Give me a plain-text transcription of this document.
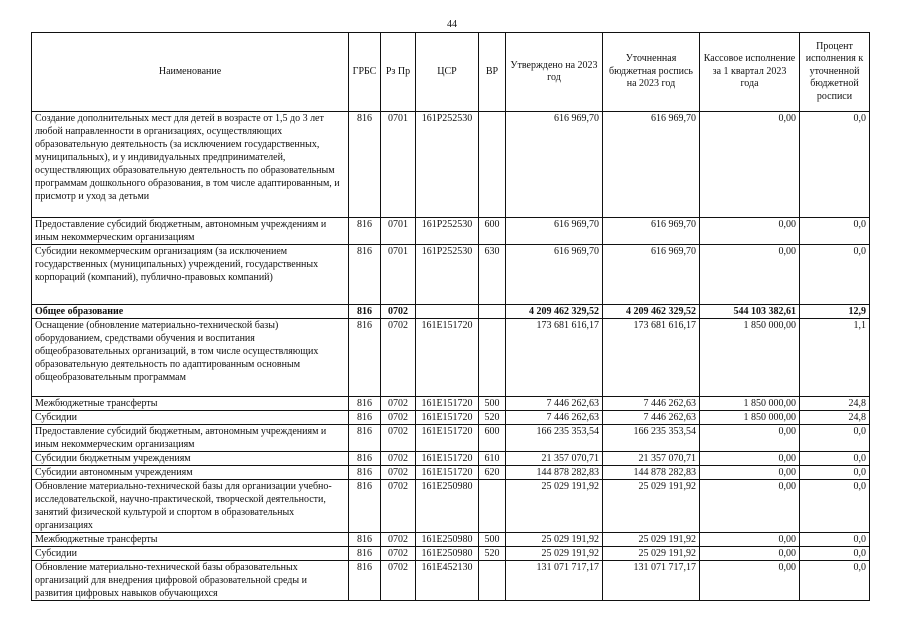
44
Наименование	ГРБС	Рз Пр	ЦСР	ВР	Утверждено на 2023 год	Уточненная бюджетная роспись на 2023 год	Кассовое исполнение за 1 квартал 2023 года	Процент исполнения к уточненной бюджетной росписи
Создание дополнительных мест для детей в возрасте от 1,5 до 3 лет любой направленности в организациях, осуществляющих образовательную деятельность (за исключением государственных, муниципальных), и у индивидуальных предпринимателей, осуществляющих образовательную деятельность по образовательным программам дошкольного образования, в том числе адаптированным, и присмотр и уход за детьми	816	0701	161P252530		616 969,70	616 969,70	0,00	0,0
Предоставление субсидий бюджетным, автономным учреждениям и иным некоммерческим организациям	816	0701	161P252530	600	616 969,70	616 969,70	0,00	0,0
Субсидии некоммерческим организациям (за исключением государственных (муниципальных) учреждений, государственных корпораций (компаний), публично-правовых компаний)	816	0701	161P252530	630	616 969,70	616 969,70	0,00	0,0
Общее образование	816	0702			4 209 462 329,52	4 209 462 329,52	544 103 382,61	12,9
Оснащение (обновление материально-технической базы) оборудованием, средствами обучения и воспитания общеобразовательных организаций, в том числе осуществляющих образовательную деятельность по адаптированным основным общеобразовательным программам	816	0702	161E151720		173 681 616,17	173 681 616,17	1 850 000,00	1,1
Межбюджетные трансферты	816	0702	161E151720	500	7 446 262,63	7 446 262,63	1 850 000,00	24,8
Субсидии	816	0702	161E151720	520	7 446 262,63	7 446 262,63	1 850 000,00	24,8
Предоставление субсидий бюджетным, автономным учреждениям и иным некоммерческим организациям	816	0702	161E151720	600	166 235 353,54	166 235 353,54	0,00	0,0
Субсидии бюджетным учреждениям	816	0702	161E151720	610	21 357 070,71	21 357 070,71	0,00	0,0
Субсидии автономным учреждениям	816	0702	161E151720	620	144 878 282,83	144 878 282,83	0,00	0,0
Обновление материально-технической базы для организации учебно-исследовательской, научно-практической, творческой деятельности, занятий физической культурой и спортом в образовательных организациях	816	0702	161E250980		25 029 191,92	25 029 191,92	0,00	0,0
Межбюджетные трансферты	816	0702	161E250980	500	25 029 191,92	25 029 191,92	0,00	0,0
Субсидии	816	0702	161E250980	520	25 029 191,92	25 029 191,92	0,00	0,0
Обновление материально-технической базы образовательных организаций для внедрения цифровой образовательной среды и развития цифровых навыков обучающихся	816	0702	161E452130		131 071 717,17	131 071 717,17	0,00	0,0
